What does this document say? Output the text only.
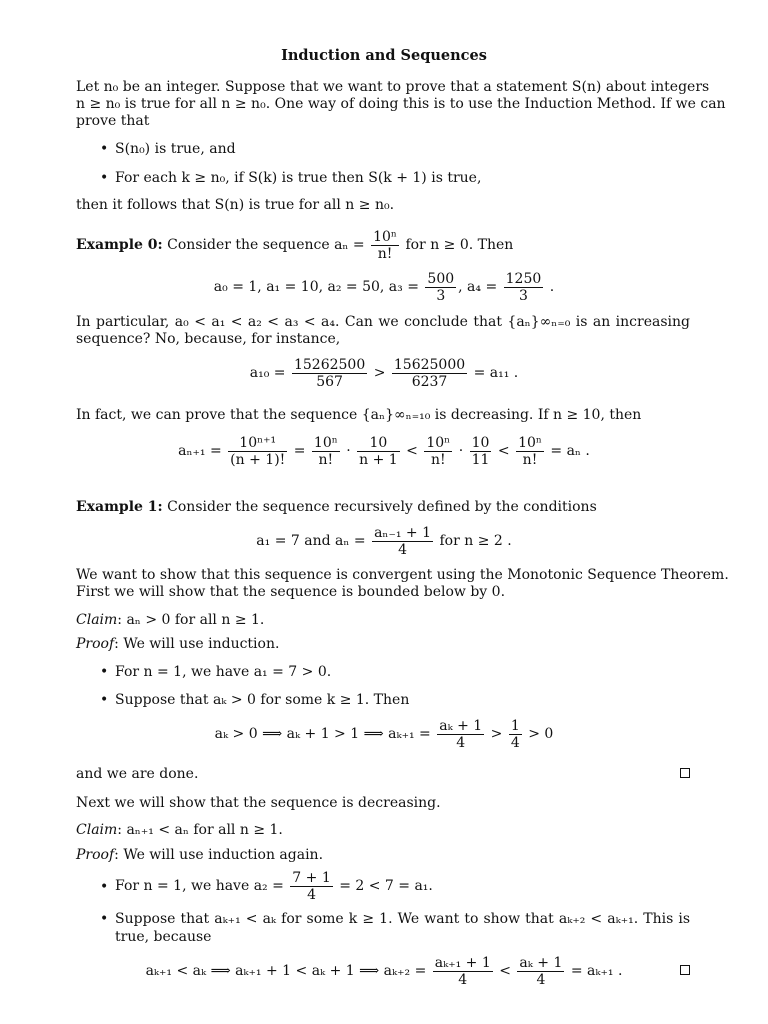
Induction and Sequences
Let n₀ be an integer. Suppose that we want to prove that a statement S(n) about integers
n ≥ n₀ is true for all n ≥ n₀. One way of doing this is to use the Induction Method. If we can
prove that
• S(n₀) is true, and
• For each k ≥ n₀, if S(k) is true then S(k + 1) is true,
then it follows that S(n) is true for all n ≥ n₀.
Example 0: Consider the sequence $a_n = \frac{\text{10ⁿ}}{n!}$ for n ≥ 0. Then
a₀ = 1, a₁ = 10, a₂ = 50, $a_3 = \frac{500}{3}$ , $a_4 = \frac{1250}{3}$ .
In particular, a₀ < a₁ < a₂ < a₃ < a₄. Can we conclude that {aₙ}∞ₙ₌₀ is an increasing
sequence? No, because, for instance,
$a_{10} = \frac{15262500}{567} > \frac{15625000}{6237} = a_{11}$ .
In fact, we can prove that the sequence {aₙ}∞ₙ₌₁₀ is decreasing. If n ≥ 10, then
$a_{n+1} = \frac{\text{10ⁿ⁺¹}}{(n + 1)!} = \frac{\text{10ⁿ}}{n!} \cdot \frac{10}{n + 1} < \frac{\text{10ⁿ}}{n!} \cdot \frac{10}{11} < \frac{\text{10ⁿ}}{n!} = a_n$ .
Example 1: Consider the sequence recursively defined by the conditions
a₁ = 7 and $a_n = \frac{\text{aₙ₋₁ + 1}}{4}$ for n ≥ 2 .
We want to show that this sequence is convergent using the Monotonic Sequence Theorem.
First we will show that the sequence is bounded below by 0.
Claim: aₙ > 0 for all n ≥ 1.
Proof: We will use induction.
• For n = 1, we have a₁ = 7 > 0.
• Suppose that aₖ > 0 for some k ≥ 1. Then
aₖ > 0 ⟹ aₖ + 1 > 1 ⟹ $a_{k+1} = \frac{\text{aₖ + 1}}{4} > \frac{1}{4} > 0$
and we are done.
Next we will show that the sequence is decreasing.
Claim: aₙ₊₁ < aₙ for all n ≥ 1.
Proof: We will use induction again.
• For n = 1, we have $a_2 = \frac{7 + 1}{4} = 2 < 7 = a_1$.
• Suppose that aₖ₊₁ < aₖ for some k ≥ 1. We want to show that aₖ₊₂ < aₖ₊₁. This is
true, because
aₖ₊₁ < aₖ ⟹ aₖ₊₁ + 1 < aₖ + 1 ⟹ $a_{k+2} = \frac{\text{aₖ₊₁ + 1}}{4} < \frac{\text{aₖ + 1}}{4} = a_{k+1}$ .
